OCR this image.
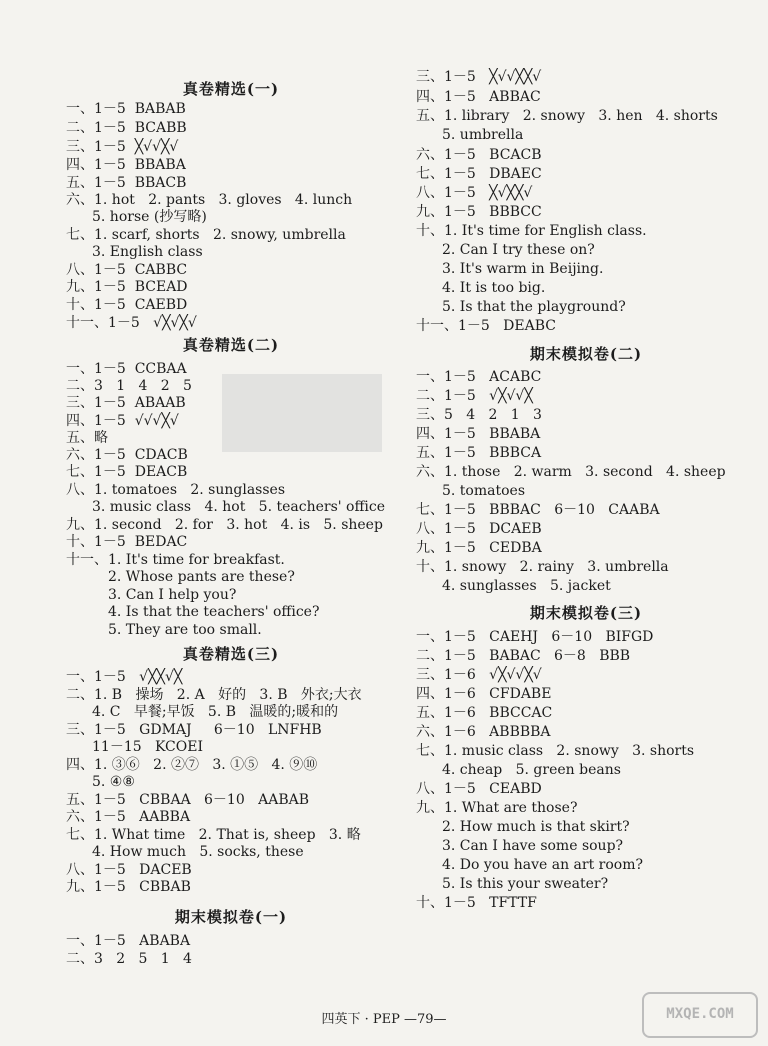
真卷精选(一)
一、1－5  BABAB
二、1－5  BCABB
三、1－5  ╳√√╳√
四、1－5  BBABA
五、1－5  BBACB
六、1. hot   2. pants   3. gloves   4. lunch
5. horse (抄写略)
七、1. scarf, shorts   2. snowy, umbrella
3. English class
八、1－5  CABBC
九、1－5  BCEAD
十、1－5  CAEBD
十一、1－5   √╳√╳√
真卷精选(二)
一、1－5  CCBAA
二、3   1   4   2   5
三、1－5  ABAAB
四、1－5  √√√╳√
五、略
六、1－5  CDACB
七、1－5  DEACB
八、1. tomatoes   2. sunglasses
3. music class   4. hot   5. teachers' office
九、1. second   2. for   3. hot   4. is   5. sheep
十、1－5  BEDAC
十一、1. It's time for breakfast.
2. Whose pants are these?
3. Can I help you?
4. Is that the teachers' office?
5. They are too small.
真卷精选(三)
一、1－5   √╳╳√╳
二、1. B   操场   2. A   好的   3. B   外衣;大衣
4. C   早餐;早饭   5. B   温暖的;暖和的
三、1－5   GDMAJ     6－10   LNFHB
11－15   KCOEI
四、1. ③⑥   2. ②⑦   3. ①⑤   4. ⑨⑩
5. ④⑧
五、1－5   CBBAA   6－10   AABAB
六、1－5   AABBA
七、1. What time   2. That is, sheep   3. 略
4. How much   5. socks, these
八、1－5   DACEB
九、1－5   CBBAB
期末模拟卷(一)
一、1－5   ABABA
二、3   2   5   1   4
三、1－5   ╳√√╳╳√
四、1－5   ABBAC
五、1. library   2. snowy   3. hen   4. shorts
5. umbrella
六、1－5   BCACB
七、1－5   DBAEC
八、1－5   ╳√╳╳√
九、1－5   BBBCC
十、1. It's time for English class.
2. Can I try these on?
3. It's warm in Beijing.
4. It is too big.
5. Is that the playground?
十一、1－5   DEABC
期末模拟卷(二)
一、1－5   ACABC
二、1－5   √╳√√╳
三、5   4   2   1   3
四、1－5   BBABA
五、1－5   BBBCA
六、1. those   2. warm   3. second   4. sheep
5. tomatoes
七、1－5   BBBAC   6－10   CAABA
八、1－5   DCAEB
九、1－5   CEDBA
十、1. snowy   2. rainy   3. umbrella
4. sunglasses   5. jacket
期末模拟卷(三)
一、1－5   CAEHJ   6－10   BIFGD
二、1－5   BABAC   6－8   BBB
三、1－6   √╳√√╳√
四、1－6   CFDABE
五、1－6   BBCCAC
六、1－6   ABBBBA
七、1. music class   2. snowy   3. shorts
4. cheap   5. green beans
八、1－5   CEABD
九、1. What are those?
2. How much is that skirt?
3. Can I have some soup?
4. Do you have an art room?
5. Is this your sweater?
十、1－5   TFTTF
四英下 · PEP —79—	MXQE.COM
